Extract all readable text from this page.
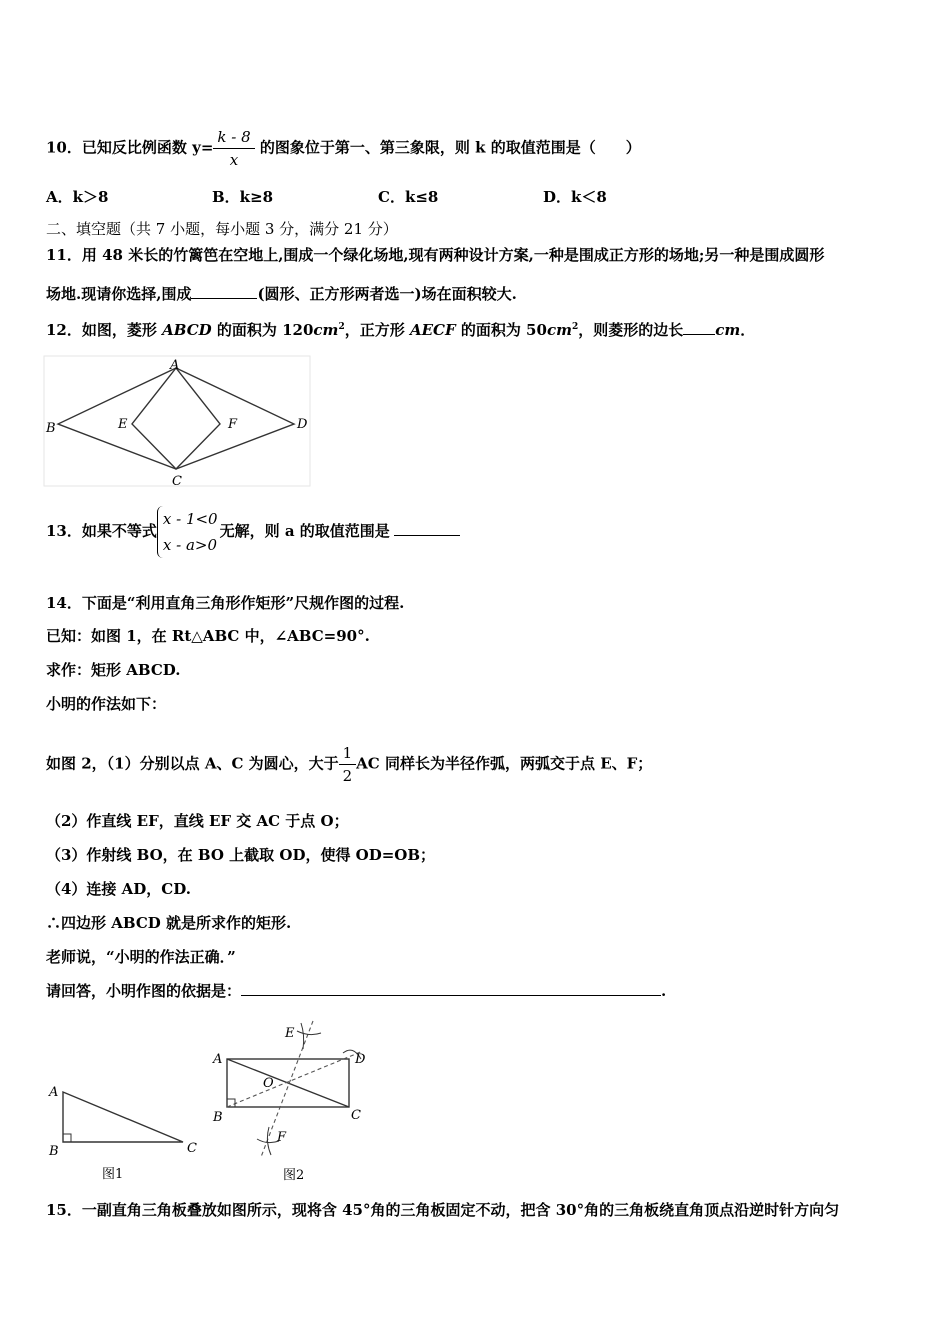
10．已知反比例函数 $y= \frac{k - 8}{x}$ 的图象位于第一、第三象限，则 k 的取值范围是（　　）
A．k＞8	B．k≥8	C．k≤8	D．k＜8
二、填空题（共 7 小题，每小题 3 分，满分 21 分）
11．用 48 米长的竹篱笆在空地上,围成一个绿化场地,现有两种设计方案,一种是围成正方形的场地;另一种是围成圆形
场地.现请你选择,围成	(圆形、正方形两者选一)场在面积较大.
12．如图，菱形 ABCD 的面积为 $120cm^2$，正方形 AECF 的面积为 $50cm^2$，则菱形的边长 cm．
A
B
C
D
E	F
13．如果不等式
x - 1<0
x - a>0
无解，则 a 的取值范围是
14．下面是“利用直角三角形作矩形”尺规作图的过程.
已知：如图 1，在 Rt△ABC 中，∠ABC=90°.
求作：矩形 ABCD.
小明的作法如下：
如图 2，（1）分别以点 A、C 为圆心，大于 $\frac{1}{2}$ AC 同样长为半径作弧，两弧交于点 E、F；
（2）作直线 EF，直线 EF 交 AC 于点 O；
（3）作射线 BO，在 BO 上截取 OD，使得 OD=OB；
（4）连接 AD，CD.
∴四边形 ABCD 就是所求作的矩形.
老师说，“小明的作法正确．”
请回答，小明作图的依据是：	.
A
B	C
图1
A
B	C
D
E
F
O
图2
15．一副直角三角板叠放如图所示，现将含 45°角的三角板固定不动，把含 30°角的三角板绕直角顶点沿逆时针方向匀
